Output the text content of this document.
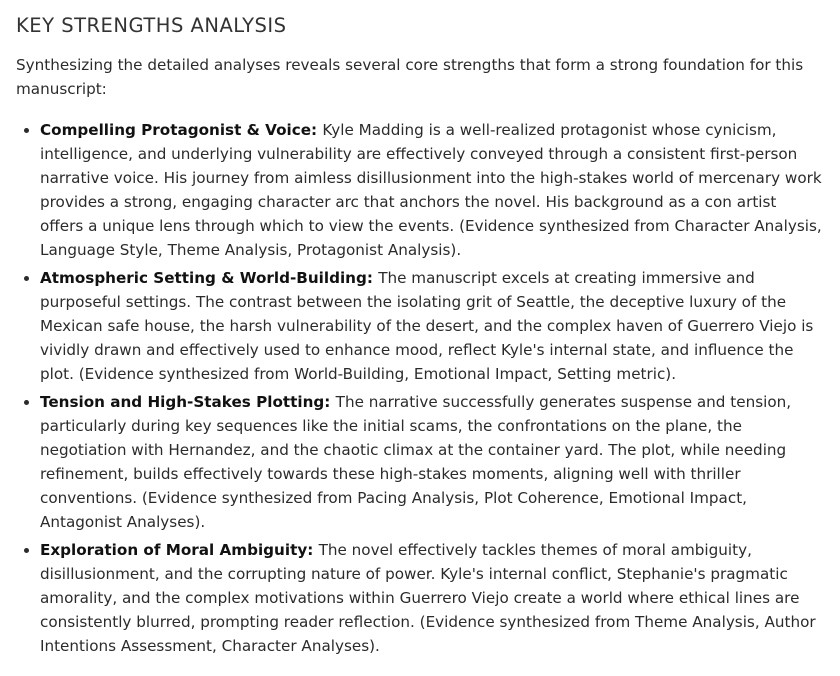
KEY STRENGTHS ANALYSIS

Synthesizing the detailed analyses reveals several core strengths that form a strong foundation for this manuscript:

• Compelling Protagonist & Voice: Kyle Madding is a well-realized protagonist whose cynicism, intelligence, and underlying vulnerability are effectively conveyed through a consistent first-person narrative voice. His journey from aimless disillusionment into the high-stakes world of mercenary work provides a strong, engaging character arc that anchors the novel. His background as a con artist offers a unique lens through which to view the events. (Evidence synthesized from Character Analysis, Language Style, Theme Analysis, Protagonist Analysis).
• Atmospheric Setting & World-Building: The manuscript excels at creating immersive and purposeful settings. The contrast between the isolating grit of Seattle, the deceptive luxury of the Mexican safe house, the harsh vulnerability of the desert, and the complex haven of Guerrero Viejo is vividly drawn and effectively used to enhance mood, reflect Kyle's internal state, and influence the plot. (Evidence synthesized from World-Building, Emotional Impact, Setting metric).
• Tension and High-Stakes Plotting: The narrative successfully generates suspense and tension, particularly during key sequences like the initial scams, the confrontations on the plane, the negotiation with Hernandez, and the chaotic climax at the container yard. The plot, while needing refinement, builds effectively towards these high-stakes moments, aligning well with thriller conventions. (Evidence synthesized from Pacing Analysis, Plot Coherence, Emotional Impact, Antagonist Analyses).
• Exploration of Moral Ambiguity: The novel effectively tackles themes of moral ambiguity, disillusionment, and the corrupting nature of power. Kyle's internal conflict, Stephanie's pragmatic amorality, and the complex motivations within Guerrero Viejo create a world where ethical lines are consistently blurred, prompting reader reflection. (Evidence synthesized from Theme Analysis, Author Intentions Assessment, Character Analyses).
